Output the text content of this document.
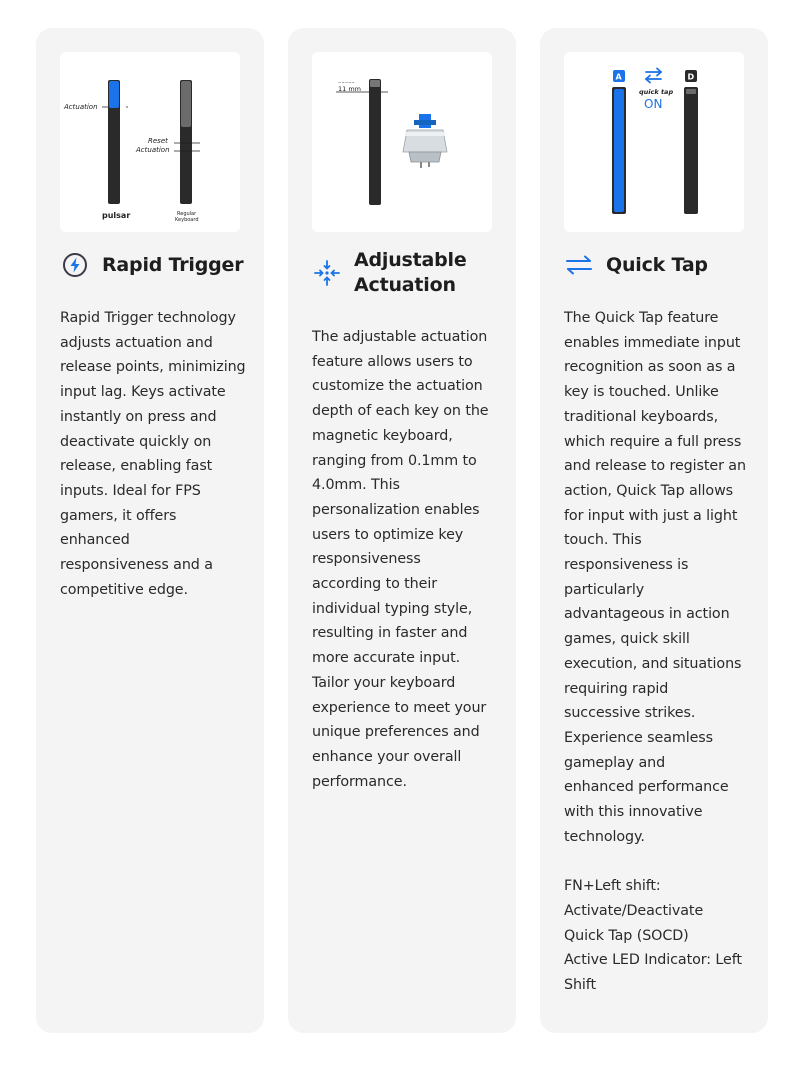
Actuation
pulsar
Reset
Actuation
Regular
Keyboard
Rapid Trigger
Rapid Trigger technology
adjusts actuation and
release points, minimizing
input lag. Keys activate
instantly on press and
deactivate quickly on
release, enabling fast
inputs. Ideal for FPS
gamers, it offers
enhanced
responsiveness and a
competitive edge.
~~~~~
11 mm
Adjustable
Actuation
The adjustable actuation
feature allows users to
customize the actuation
depth of each key on the
magnetic keyboard,
ranging from 0.1mm to
4.0mm. This
personalization enables
users to optimize key
responsiveness
according to their
individual typing style,
resulting in faster and
more accurate input.
Tailor your keyboard
experience to meet your
unique preferences and
enhance your overall
performance.
A
quick tap
ON
D
Quick Tap
The Quick Tap feature
enables immediate input
recognition as soon as a
key is touched. Unlike
traditional keyboards,
which require a full press
and release to register an
action, Quick Tap allows
for input with just a light
touch. This
responsiveness is
particularly
advantageous in action
games, quick skill
execution, and situations
requiring rapid
successive strikes.
Experience seamless
gameplay and
enhanced performance
with this innovative
technology.
FN+Left shift:
Activate/Deactivate
Quick Tap (SOCD)
Active LED Indicator: Left
Shift
